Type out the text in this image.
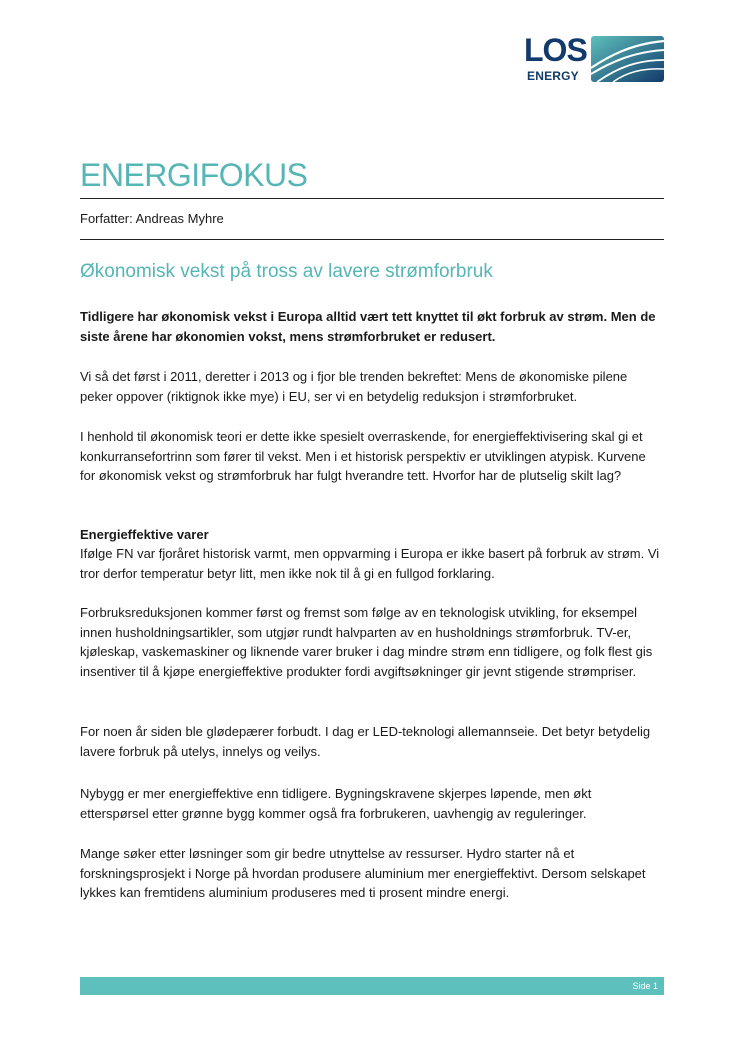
LOS
ENERGY
ENERGIFOKUS
Forfatter: Andreas Myhre
Økonomisk vekst på tross av lavere strømforbruk

Tidligere har økonomisk vekst i Europa alltid vært tett knyttet til økt forbruk av strøm. Men de siste årene har økonomien vokst, mens strømforbruket er redusert.

Vi så det først i 2011, deretter i 2013 og i fjor ble trenden bekreftet: Mens de økonomiske pilene peker oppover (riktignok ikke mye) i EU, ser vi en betydelig reduksjon i strømforbruket.

I henhold til økonomisk teori er dette ikke spesielt overraskende, for energieffektivisering skal gi et konkurransefortrinn som fører til vekst. Men i et historisk perspektiv er utviklingen atypisk. Kurvene for økonomisk vekst og strømforbruk har fulgt hverandre tett. Hvorfor har de plutselig skilt lag?

Energieffektive varer

Ifølge FN var fjoråret historisk varmt, men oppvarming i Europa er ikke basert på forbruk av strøm. Vi tror derfor temperatur betyr litt, men ikke nok til å gi en fullgod forklaring.

Forbruksreduksjonen kommer først og fremst som følge av en teknologisk utvikling, for eksempel innen husholdningsartikler, som utgjør rundt halvparten av en husholdnings strømforbruk. TV-er, kjøleskap, vaskemaskiner og liknende varer bruker i dag mindre strøm enn tidligere, og folk flest gis insentiver til å kjøpe energieffektive produkter fordi avgiftsøkninger gir jevnt stigende strømpriser.

For noen år siden ble glødepærer forbudt. I dag er LED-teknologi allemannseie. Det betyr betydelig lavere forbruk på utelys, innelys og veilys.

Nybygg er mer energieffektive enn tidligere. Bygningskravene skjerpes løpende, men økt etterspørsel etter grønne bygg kommer også fra forbrukeren, uavhengig av reguleringer.

Mange søker etter løsninger som gir bedre utnyttelse av ressurser. Hydro starter nå et forskningsprosjekt i Norge på hvordan produsere aluminium mer energieffektivt. Dersom selskapet lykkes kan fremtidens aluminium produseres med ti prosent mindre energi.

Side 1
